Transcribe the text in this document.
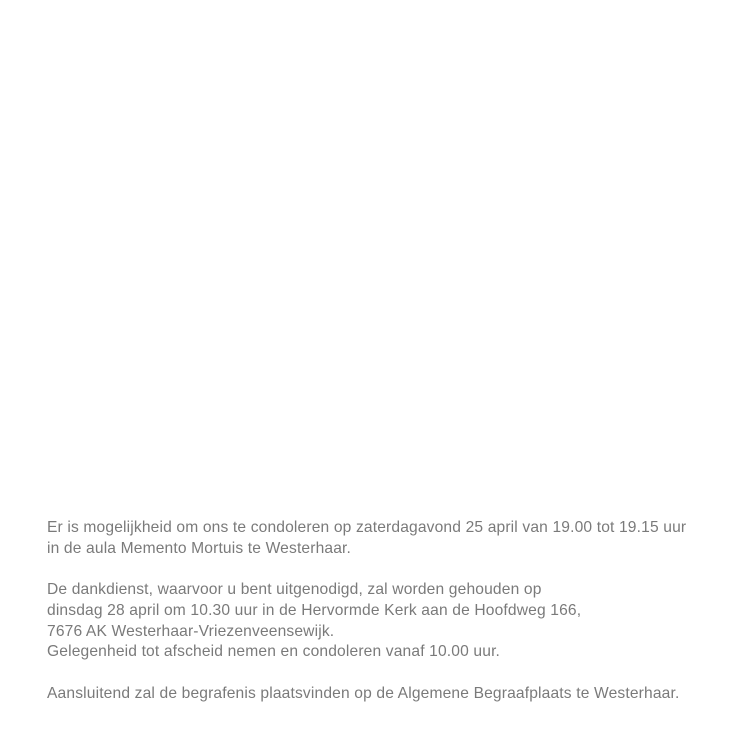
Er is mogelijkheid om ons te condoleren op zaterdagavond 25 april van 19.00 tot 19.15 uur
in de aula Memento Mortuis te Westerhaar.

De dankdienst, waarvoor u bent uitgenodigd, zal worden gehouden op
dinsdag 28 april om 10.30 uur in de Hervormde Kerk aan de Hoofdweg 166,
7676 AK Westerhaar-Vriezenveensewijk.
Gelegenheid tot afscheid nemen en condoleren vanaf 10.00 uur.

Aansluitend zal de begrafenis plaatsvinden op de Algemene Begraafplaats te Westerhaar.
